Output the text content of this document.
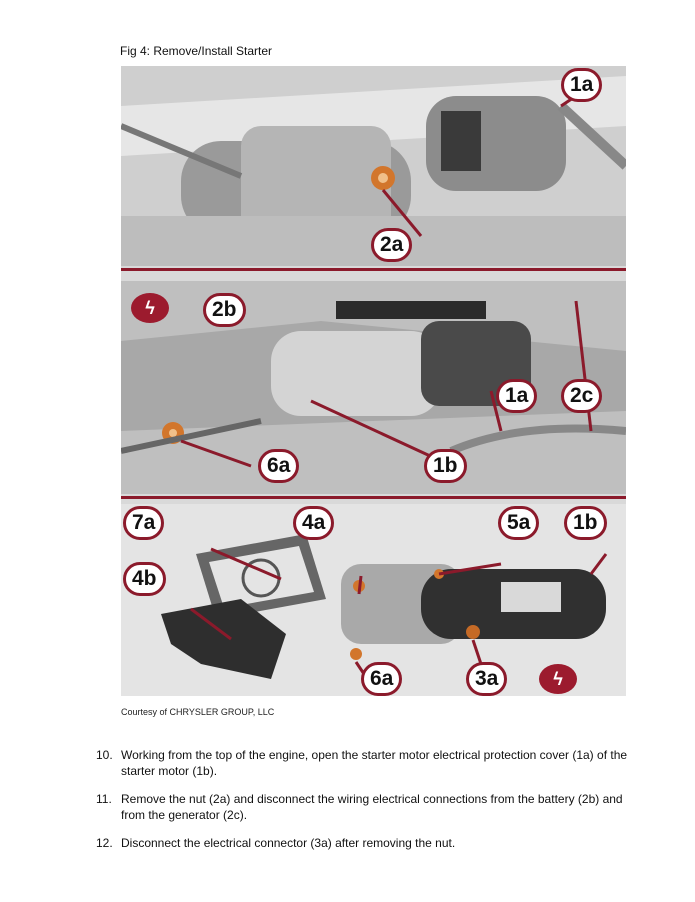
Fig 4: Remove/Install Starter
1a
2a
ϟ	2b
1a	2c
6a	1b
7a	4a	5a	1b
4b
6a	3a	ϟ
Courtesy of CHRYSLER GROUP, LLC
10. Working from the top of the engine, open the starter motor electrical protection cover (1a) of the starter motor (1b).
11. Remove the nut (2a) and disconnect the wiring electrical connections from the battery (2b) and from the generator (2c).
12. Disconnect the electrical connector (3a) after removing the nut.
